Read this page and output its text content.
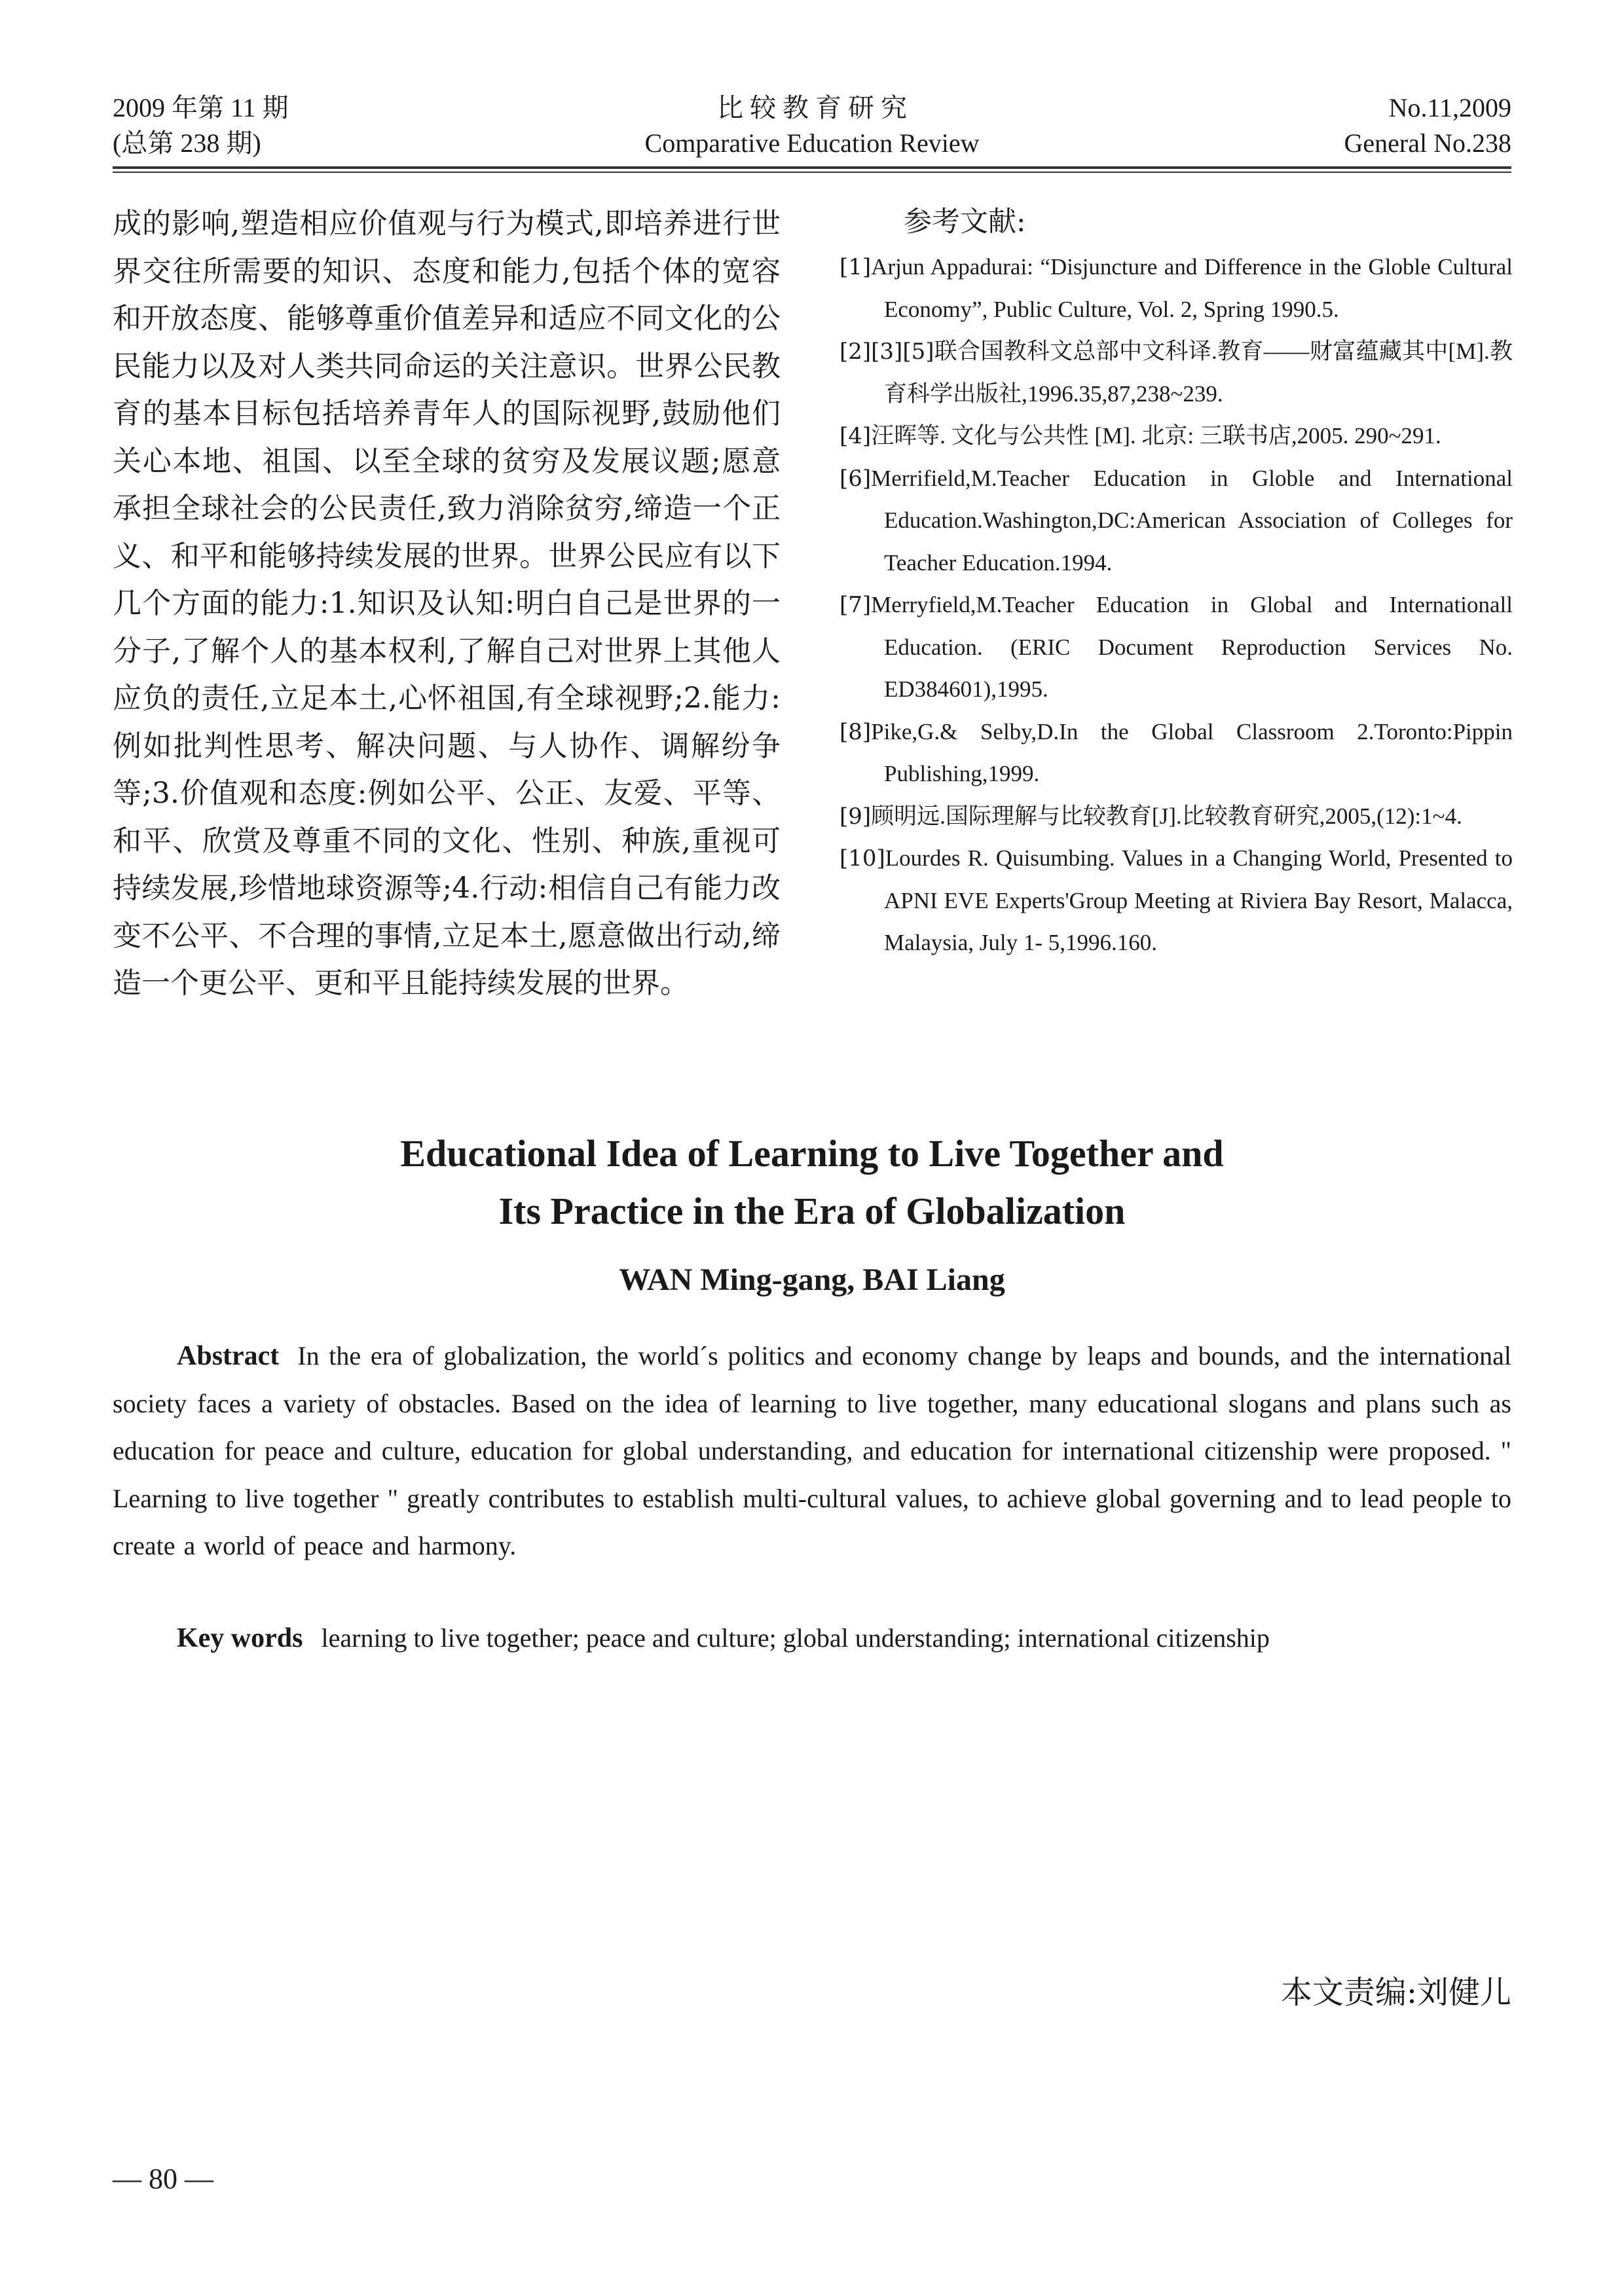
2009 年第 11 期
(总第 238 期)
比 较 教 育 研 究
Comparative Education Review
No.11,2009
General No.238
成的影响,塑造相应价值观与行为模式,即培养进行世界交往所需要的知识、态度和能力,包括个体的宽容和开放态度、能够尊重价值差异和适应不同文化的公民能力以及对人类共同命运的关注意识。世界公民教育的基本目标包括培养青年人的国际视野,鼓励他们关心本地、祖国、以至全球的贫穷及发展议题;愿意承担全球社会的公民责任,致力消除贫穷,缔造一个正义、和平和能够持续发展的世界。世界公民应有以下几个方面的能力:1.知识及认知:明白自己是世界的一分子,了解个人的基本权利,了解自己对世界上其他人应负的责任,立足本土,心怀祖国,有全球视野;2.能力:例如批判性思考、解决问题、与人协作、调解纷争等;3.价值观和态度:例如公平、公正、友爱、平等、和平、欣赏及尊重不同的文化、性别、种族,重视可持续发展,珍惜地球资源等;4.行动:相信自己有能力改变不公平、不合理的事情,立足本土,愿意做出行动,缔造一个更公平、更和平且能持续发展的世界。
参考文献:
[1]Arjun Appadurai: “Disjuncture and Difference in the Globle Cultural Economy”, Public Culture, Vol. 2, Spring 1990.5.
[2][3][5]联合国教科文总部中文科译.教育——财富蕴藏其中[M].教育科学出版社,1996.35,87,238~239.
[4]汪晖等. 文化与公共性 [M]. 北京: 三联书店,2005. 290~291.
[6]Merrifield,M.Teacher Education in Globle and International Education.Washington,DC:American Association of Colleges for Teacher Education.1994.
[7]Merryfield,M.Teacher Education in Global and Internationall Education. (ERIC Document Reproduction Services No. ED384601),1995.
[8]Pike,G.& Selby,D.In the Global Classroom 2.Toronto:Pippin Publishing,1999.
[9]顾明远.国际理解与比较教育[J].比较教育研究,2005,(12):1~4.
[10]Lourdes R. Quisumbing. Values in a Changing World, Presented to APNI EVE Experts'Group Meeting at Riviera Bay Resort, Malacca, Malaysia, July 1- 5,1996.160.
Educational Idea of Learning to Live Together and
Its Practice in the Era of Globalization
WAN Ming-gang, BAI Liang
Abstract In the era of globalization, the world´s politics and economy change by leaps and bounds, and the international society faces a variety of obstacles. Based on the idea of learning to live together, many educational slogans and plans such as education for peace and culture, education for global understanding, and education for international citizenship were proposed. " Learning to live together " greatly contributes to establish multi-cultural values, to achieve global governing and to lead people to create a world of peace and harmony.
Key words learning to live together; peace and culture; global understanding; international citizenship
本文责编:刘健儿
— 80 —
